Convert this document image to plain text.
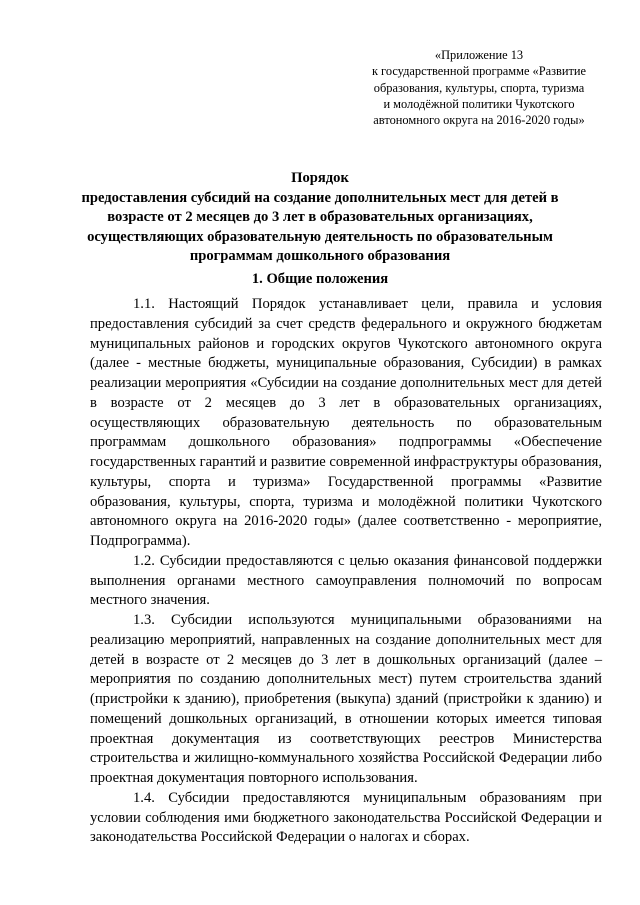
«Приложение 13
к государственной программе «Развитие
образования, культуры, спорта, туризма
и молодёжной политики Чукотского
автономного округа на 2016-2020 годы»
Порядок
предоставления субсидий на создание дополнительных мест для детей в
возрасте от 2 месяцев до 3 лет в образовательных организациях,
осуществляющих образовательную деятельность по образовательным
программам дошкольного образования
1. Общие положения

1.1. Настоящий Порядок устанавливает цели, правила и условия предоставления субсидий за счет средств федерального и окружного бюджетам муниципальных районов и городских округов Чукотского автономного округа (далее - местные бюджеты, муниципальные образования, Субсидии) в рамках реализации мероприятия «Субсидии на создание дополнительных мест для детей в возрасте от 2 месяцев до 3 лет в образовательных организациях, осуществляющих образовательную деятельность по образовательным программам дошкольного образования» подпрограммы «Обеспечение государственных гарантий и развитие современной инфраструктуры образования, культуры, спорта и туризма» Государственной программы «Развитие образования, культуры, спорта, туризма и молодёжной политики Чукотского автономного округа на 2016-2020 годы» (далее соответственно - мероприятие, Подпрограмма).

1.2. Субсидии предоставляются с целью оказания финансовой поддержки выполнения органами местного самоуправления полномочий по вопросам местного значения.

1.3. Субсидии используются муниципальными образованиями на реализацию мероприятий, направленных на создание дополнительных мест для детей в возрасте от 2 месяцев до 3 лет в дошкольных организаций (далее – мероприятия по созданию дополнительных мест) путем строительства зданий (пристройки к зданию), приобретения (выкупа) зданий (пристройки к зданию) и помещений дошкольных организаций, в отношении которых имеется типовая проектная документация из соответствующих реестров Министерства строительства и жилищно-коммунального хозяйства Российской Федерации либо проектная документация повторного использования.

1.4. Субсидии предоставляются муниципальным образованиям при условии соблюдения ими бюджетного законодательства Российской Федерации и законодательства Российской Федерации о налогах и сборах.
